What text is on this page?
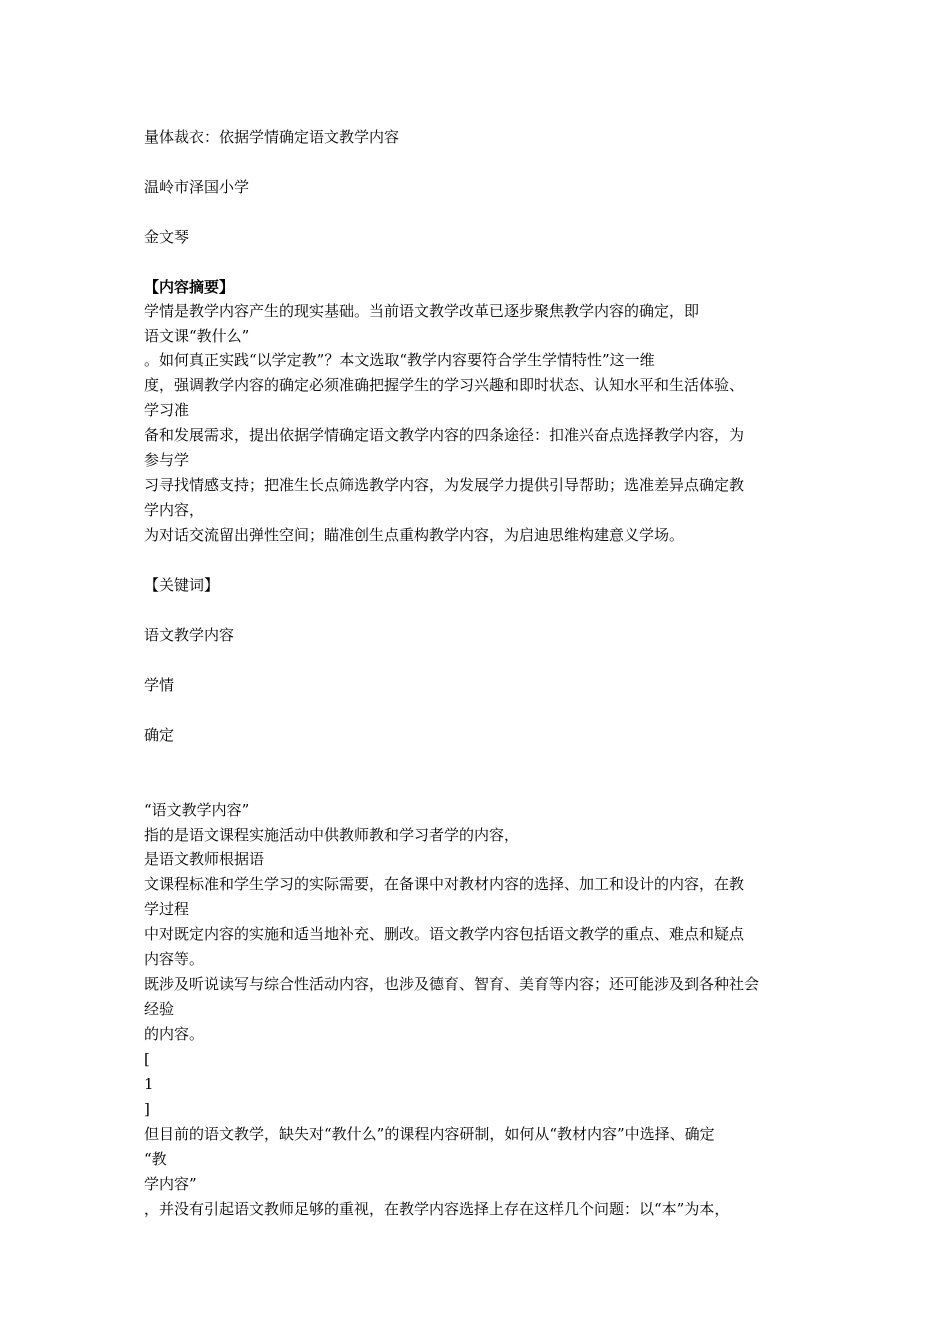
量体裁衣：依据学情确定语文教学内容
温岭市泽国小学
金文琴
【内容摘要】
学情是教学内容产生的现实基础。当前语文教学改革已逐步聚焦教学内容的确定，即
语文课“教什么”
。如何真正实践“以学定教”？本文选取“教学内容要符合学生学情特性”这一维
度，强调教学内容的确定必须准确把握学生的学习兴趣和即时状态、认知水平和生活体验、
学习准
备和发展需求，提出依据学情确定语文教学内容的四条途径：扣准兴奋点选择教学内容，为
参与学
习寻找情感支持；把准生长点筛选教学内容，为发展学力提供引导帮助；选准差异点确定教
学内容，
为对话交流留出弹性空间；瞄准创生点重构教学内容，为启迪思维构建意义学场。
【关键词】
语文教学内容
学情
确定
“语文教学内容”
指的是语文课程实施活动中供教师教和学习者学的内容，
是语文教师根据语
文课程标准和学生学习的实际需要，在备课中对教材内容的选择、加工和设计的内容，在教
学过程
中对既定内容的实施和适当地补充、删改。语文教学内容包括语文教学的重点、难点和疑点
内容等。
既涉及听说读写与综合性活动内容，也涉及德育、智育、美育等内容；还可能涉及到各种社会
经验
的内容。
[
1
]
但目前的语文教学，缺失对“教什么”的课程内容研制，如何从“教材内容”中选择、确定
“教
学内容”
，并没有引起语文教师足够的重视，在教学内容选择上存在这样几个问题：以“本”为本，
